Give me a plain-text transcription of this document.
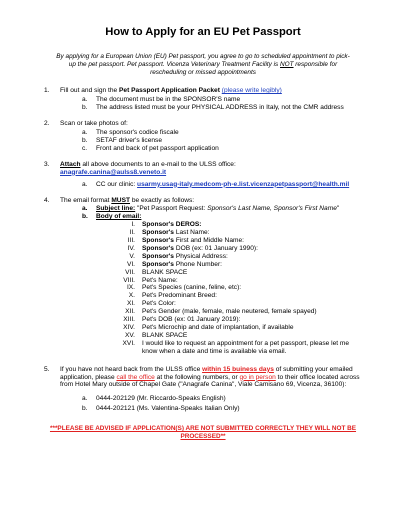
How to Apply for an EU Pet Passport
By applying for a European Union (EU) Pet passport, you agree to go to scheduled appointment to pick-up the pet passport. Pet passport. Vicenza Veterinary Treatment Facility is NOT responsible for rescheduling or missed appointments
1. Fill out and sign the Pet Passport Application Packet (please write legibly)
a. The document must be in the SPONSOR'S name
b. The address listed must be your PHYSICAL ADDRESS in Italy, not the CMR address
2. Scan or take photos of:
a. The sponsor's codice fiscale
b. SETAF driver's license
c. Front and back of pet passport application
3. Attach all above documents to an e-mail to the ULSS office:
anagrafe.canina@aulss8.veneto.it
a. CC our clinic: usarmy.usag-italy.medcom-ph-e.list.vicenzapetpassport@health.mil
4. The email format MUST be exactly as follows:
a. Subject line: "Pet Passport Request: Sponsor's Last Name, Sponsor's First Name"
b. Body of email:
I. Sponsor's DEROS:
II. Sponsor's Last Name:
III. Sponsor's First and Middle Name:
IV. Sponsor's DOB (ex: 01 January 1990):
V. Sponsor's Physical Address:
VI. Sponsor's Phone Number:
VII. BLANK SPACE
VIII. Pet's Name:
IX. Pet's Species (canine, feline, etc):
X. Pet's Predominant Breed:
XI. Pet's Color:
XII. Pet's Gender (male, female, male neutered, female spayed)
XIII. Pet's DOB (ex: 01 January 2019):
XIV. Pet's Microchip and date of implantation, if available
XV. BLANK SPACE
XVI. I would like to request an appointment for a pet passport, please let me know when a date and time is available via email.
5. If you have not heard back from the ULSS office within 15 buiness days of submitting your emailed application, please call the office at the following numbers, or go in person to their office located across from Hotel Mary outside of Chapel Gate ("Anagrafe Canina", Viale Camisano 69, Vicenza, 36100):
a. 0444-202129 (Mr. Riccardo-Speaks English)
b. 0444-202121 (Ms. Valentina-Speaks Italian Only)
***PLEASE BE ADVISED IF APPLICATION(S) ARE NOT SUBMITTED CORRECTLY THEY WILL NOT BE PROCESSED**
